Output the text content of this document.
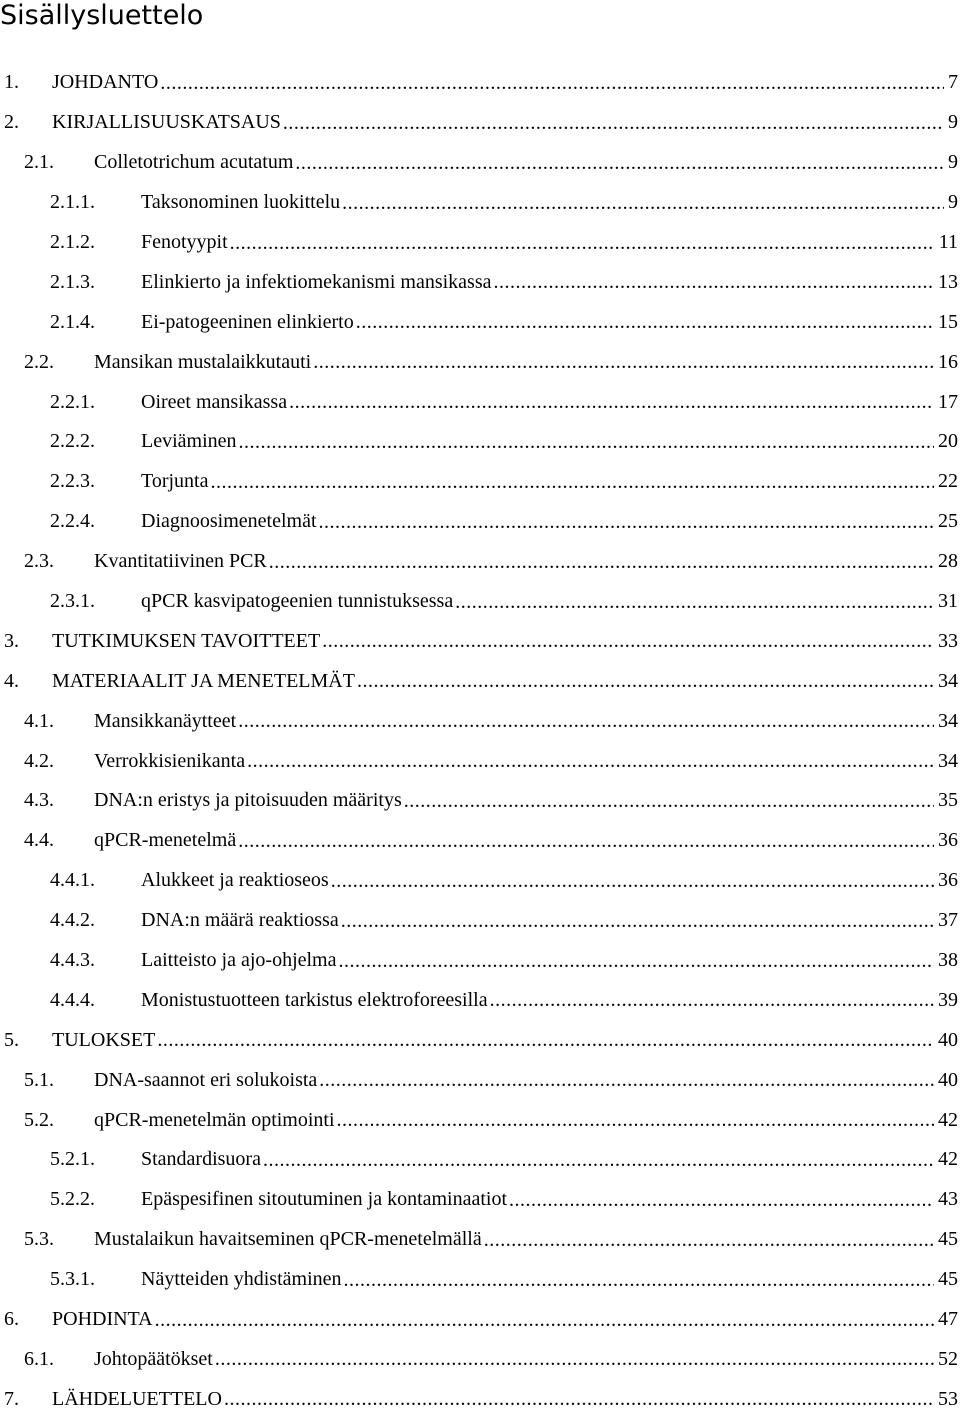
Sisällysluettelo
1.	JOHDANTO .....	7
2.	KIRJALLISUUSKATSAUS .....	9
2.1.	Colletotrichum acutatum .....	9
2.1.1.	Taksonominen luokittelu .....	9
2.1.2.	Fenotyypit .....	11
2.1.3.	Elinkierto ja infektiomekanismi mansikassa .....	13
2.1.4.	Ei-patogeeninen elinkierto .....	15
2.2.	Mansikan mustalaikkutauti .....	16
2.2.1.	Oireet mansikassa .....	17
2.2.2.	Leviäminen .....	20
2.2.3.	Torjunta .....	22
2.2.4.	Diagnoosimenetelmät .....	25
2.3.	Kvantitatiivinen PCR .....	28
2.3.1.	qPCR kasvipatogeenien tunnistuksessa .....	31
3.	TUTKIMUKSEN TAVOITTEET .....	33
4.	MATERIAALIT JA MENETELMÄT .....	34
4.1.	Mansikkanäytteet .....	34
4.2.	Verrokkisienikanta .....	34
4.3.	DNA:n eristys ja pitoisuuden määritys .....	35
4.4.	qPCR-menetelmä .....	36
4.4.1.	Alukkeet ja reaktioseos .....	36
4.4.2.	DNA:n määrä reaktiossa .....	37
4.4.3.	Laitteisto ja ajo-ohjelma .....	38
4.4.4.	Monistustuotteen tarkistus elektroforeesilla .....	39
5.	TULOKSET .....	40
5.1.	DNA-saannot eri solukoista .....	40
5.2.	qPCR-menetelmän optimointi .....	42
5.2.1.	Standardisuora .....	42
5.2.2.	Epäspesifinen sitoutuminen ja kontaminaatiot .....	43
5.3.	Mustalaikun havaitseminen qPCR-menetelmällä .....	45
5.3.1.	Näytteiden yhdistäminen .....	45
6.	POHDINTA .....	47
6.1.	Johtopäätökset .....	52
7.	LÄHDELUETTELO .....	53
